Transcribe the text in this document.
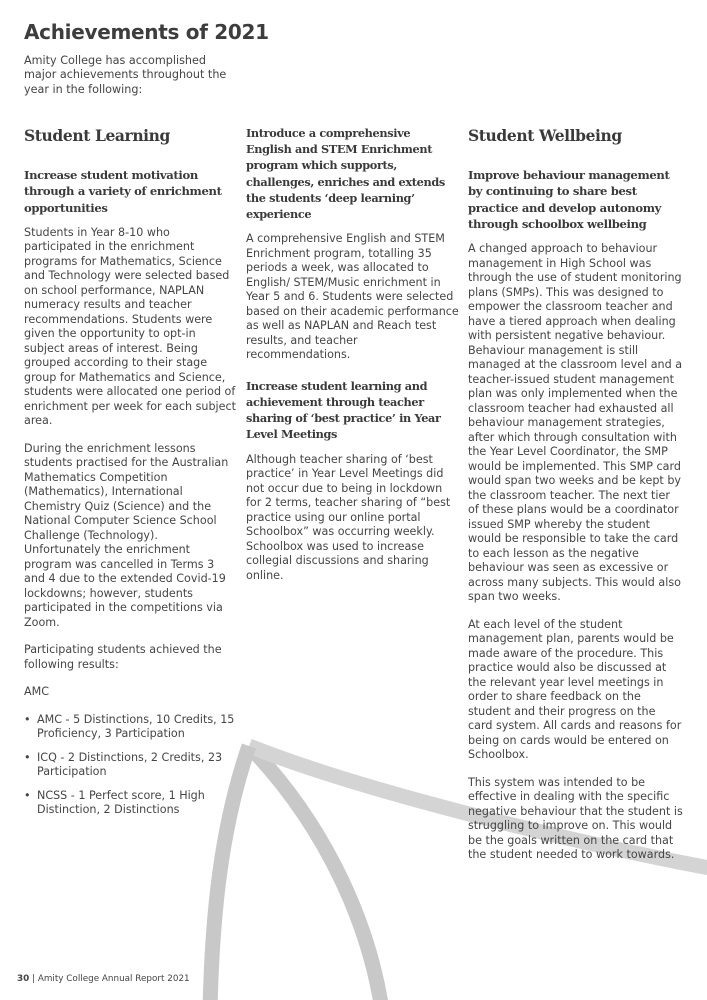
Achievements of 2021

Amity College has accomplished major achievements throughout the year in the following:

Student Learning
Increase student motivation through a variety of enrichment opportunities

Students in Year 8-10 who participated in the enrichment programs for Mathematics, Science and Technology were selected based on school performance, NAPLAN numeracy results and teacher recommendations. Students were given the opportunity to opt-in subject areas of interest. Being grouped according to their stage group for Mathematics and Science, students were allocated one period of enrichment per week for each subject area.

During the enrichment lessons students practised for the Australian Mathematics Competition (Mathematics), International Chemistry Quiz (Science) and the National Computer Science School Challenge (Technology). Unfortunately the enrichment program was cancelled in Terms 3 and 4 due to the extended Covid-19 lockdowns; however, students participated in the competitions via Zoom.

Participating students achieved the following results:

AMC

• AMC - 5 Distinctions, 10 Credits, 15 Proficiency, 3 Participation
• ICQ - 2 Distinctions, 2 Credits, 23 Participation
• NCSS - 1 Perfect score, 1 High Distinction, 2 Distinctions
Introduce a comprehensive English and STEM Enrichment program which supports, challenges, enriches and extends the students ‘deep learning’ experience

A comprehensive English and STEM Enrichment program, totalling 35 periods a week, was allocated to English/ STEM/Music enrichment in Year 5 and 6. Students were selected based on their academic performance as well as NAPLAN and Reach test results, and teacher recommendations.

Increase student learning and achievement through teacher sharing of ‘best practice’ in Year Level Meetings

Although teacher sharing of ‘best practice’ in Year Level Meetings did not occur due to being in lockdown for 2 terms, teacher sharing of “best practice using our online portal Schoolbox” was occurring weekly. Schoolbox was used to increase collegial discussions and sharing online.

Student Wellbeing
Improve behaviour management by continuing to share best practice and develop autonomy through schoolbox wellbeing

A changed approach to behaviour management in High School was through the use of student monitoring plans (SMPs). This was designed to empower the classroom teacher and have a tiered approach when dealing with persistent negative behaviour. Behaviour management is still managed at the classroom level and a teacher-issued student management plan was only implemented when the classroom teacher had exhausted all behaviour management strategies, after which through consultation with the Year Level Coordinator, the SMP would be implemented. This SMP card would span two weeks and be kept by the classroom teacher. The next tier of these plans would be a coordinator issued SMP whereby the student would be responsible to take the card to each lesson as the negative behaviour was seen as excessive or across many subjects. This would also span two weeks.

At each level of the student management plan, parents would be made aware of the procedure. This practice would also be discussed at the relevant year level meetings in order to share feedback on the student and their progress on the card system. All cards and reasons for being on cards would be entered on Schoolbox.

This system was intended to be effective in dealing with the specific negative behaviour that the student is struggling to improve on. This would be the goals written on the card that the student needed to work towards.

30 | Amity College Annual Report 2021
